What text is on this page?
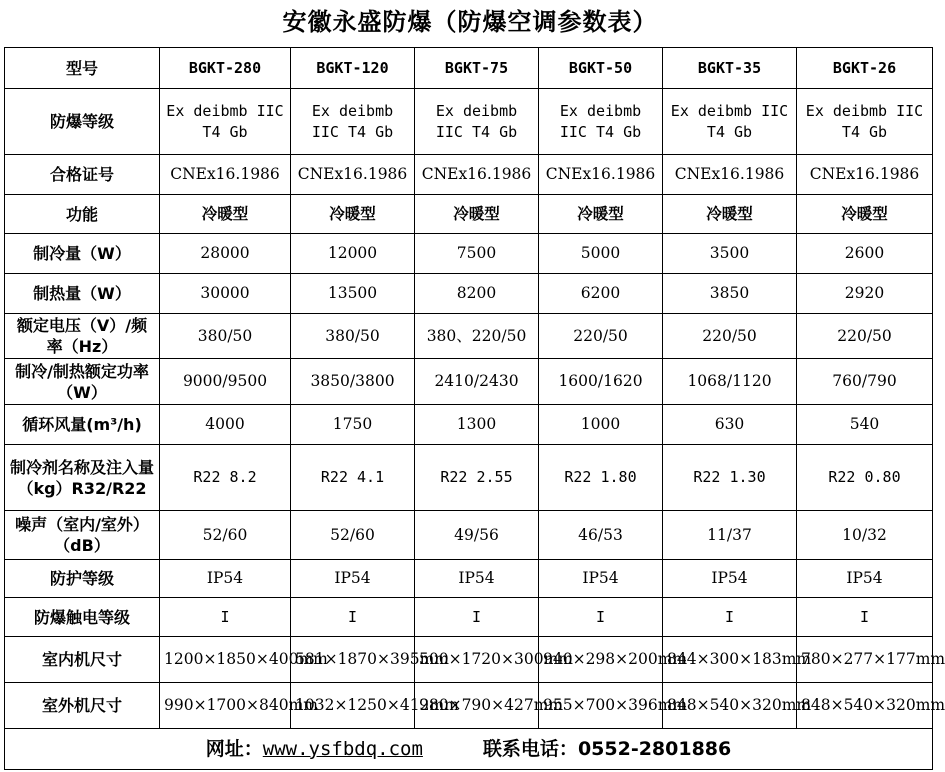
安徽永盛防爆（防爆空调参数表）
型号	BGKT-280	BGKT-120	BGKT-75	BGKT-50	BGKT-35	BGKT-26
防爆等级	Ex deibmb IIC T4 Gb	Ex deibmb IIC T4 Gb	Ex deibmb IIC T4 Gb	Ex deibmb IIC T4 Gb	Ex deibmb IIC T4 Gb	Ex deibmb IIC T4 Gb
合格证号	CNEx16.1986	CNEx16.1986	CNEx16.1986	CNEx16.1986	CNEx16.1986	CNEx16.1986
功能	冷暖型	冷暖型	冷暖型	冷暖型	冷暖型	冷暖型
制冷量（W）	28000	12000	7500	5000	3500	2600
制热量（W）	30000	13500	8200	6200	3850	2920
额定电压（V）/频率（Hz）	380/50	380/50	380、220/50	220/50	220/50	220/50
制冷/制热额定功率（W）	9000/9500	3850/3800	2410/2430	1600/1620	1068/1120	760/790
循环风量(m³/h)	4000	1750	1300	1000	630	540
制冷剂名称及注入量（kg）R32/R22	R22 8.2	R22 4.1	R22 2.55	R22 1.80	R22 1.30	R22 0.80
噪声（室内/室外）（dB）	52/60	52/60	49/56	46/53	11/37	10/32
防护等级	IP54	IP54	IP54	IP54	IP54	IP54
防爆触电等级	I	I	I	I	I	I
室内机尺寸	1200×1850×400mm	581×1870×395mm	500×1720×300mm	940×298×200mm	844×300×183mm	780×277×177mm
室外机尺寸	990×1700×840mm	1032×1250×412mm	980×790×427mm	955×700×396mm	848×540×320mm	848×540×320mm
网址：www.ysfbdq.com 联系电话：0552-2801886						
